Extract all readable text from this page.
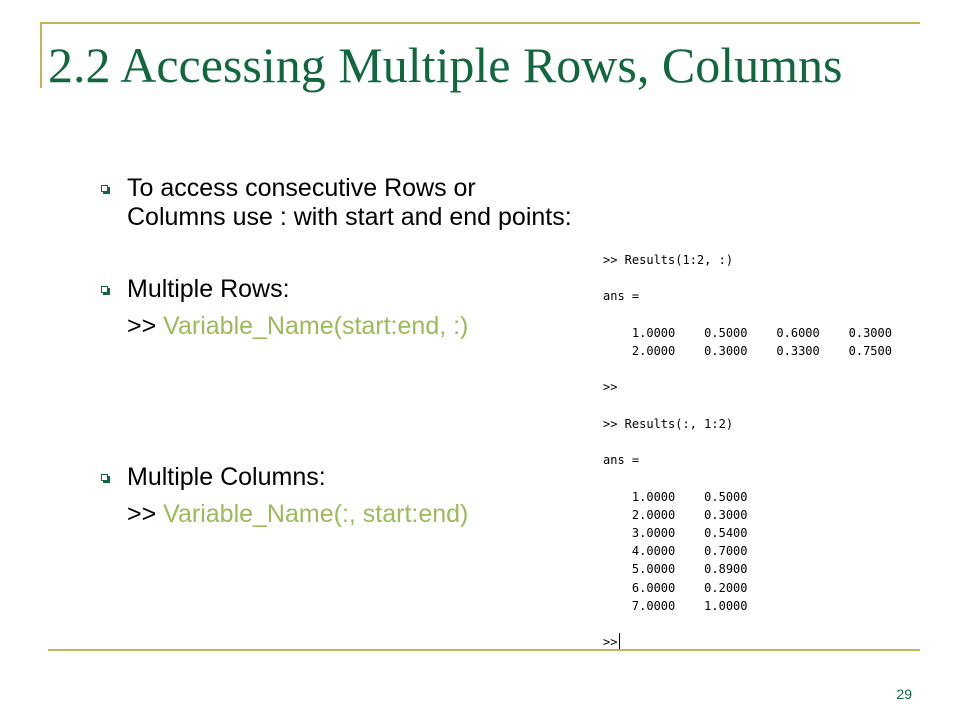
2.2 Accessing Multiple Rows, Columns
To access consecutive Rows or Columns use : with start and end points:
Multiple Rows:
>> Variable_Name(start:end, :)
Multiple Columns:
>> Variable_Name(:, start:end)
>> Results(1:2, :)

ans =

1.0000    0.5000    0.6000    0.3000
2.0000    0.3000    0.3300    0.7500

>>

>> Results(:, 1:2)

ans =

1.0000    0.5000
2.0000    0.3000
3.0000    0.5400
4.0000    0.7000
5.0000    0.8900
6.0000    0.2000
7.0000    1.0000

>>
29
